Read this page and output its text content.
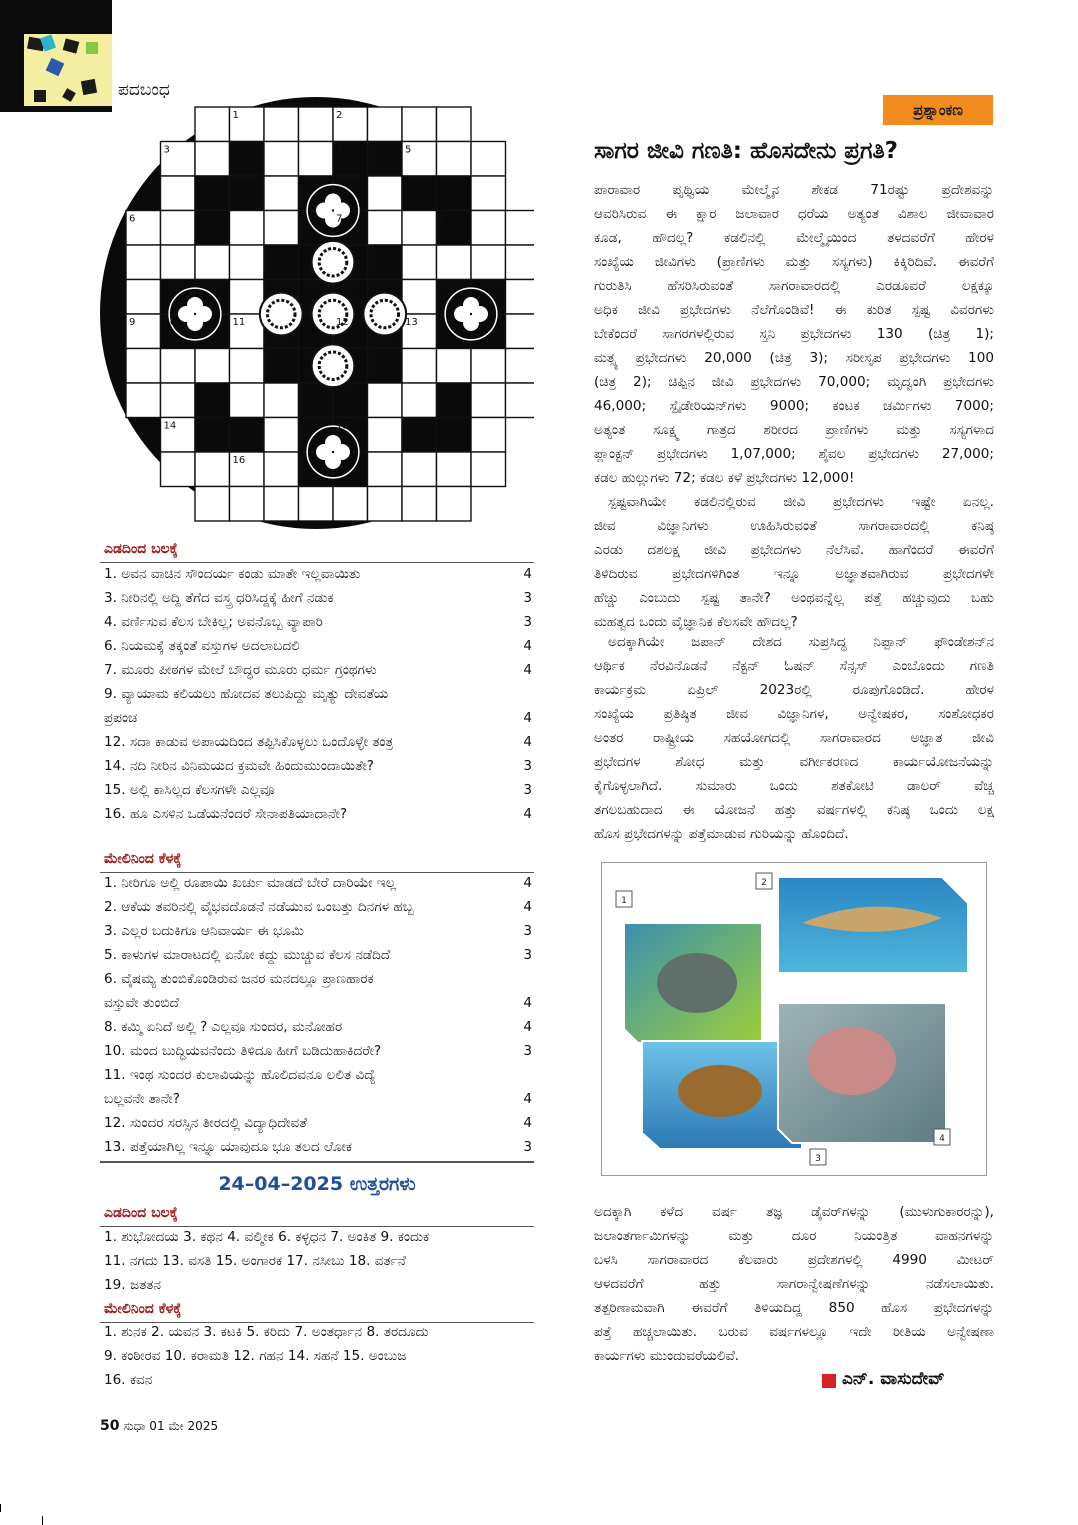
ಪದಬಂಧ
1	2
3	4	5
6	7	8
9	10	11	12	13
14	15
16
ಎಡದಿಂದ ಬಲಕ್ಕೆ
1. ಅವನ ವಾಚಿನ ಸೌಂದರ್ಯ ಕಂಡು ಮಾತೇ ಇಲ್ಲವಾಯಿತು	4
3. ನೀರಿನಲ್ಲಿ ಅದ್ದಿ ತೆಗೆದ ವಸ್ತ್ರ ಧರಿಸಿದ್ದಕ್ಕೆ ಹೀಗೆ ನಡುಕ	3
4. ವರ್ಣಿಸುವ ಕೆಲಸ ಬೇಕಿಲ್ಲ; ಅವನೊಬ್ಬ ವ್ಯಾಪಾರಿ	3
6. ನಿಯಮಕ್ಕೆ ತಕ್ಕಂತೆ ವಸ್ತುಗಳ ಅದಲಾಬದಲಿ	4
7. ಮೂರು ಪೀಠಗಳ ಮೇಲೆ ಬೌದ್ಧರ ಮೂರು ಧರ್ಮ ಗ್ರಂಥಗಳು	4
9. ವ್ಯಾಯಾಮ ಕಲಿಯಲು ಹೋದವ ತಲುಪಿದ್ದು ಮೃತ್ಯು ದೇವತೆಯ
ಪ್ರಪಂಚ	4
12. ಸದಾ ಕಾಡುವ ಅಪಾಯದಿಂದ ತಪ್ಪಿಸಿಕೊಳ್ಳಲು ಒಂದೊಳ್ಳೇ ತಂತ್ರ	4
14. ನದಿ ನೀರಿನ ವಿನಿಮಯದ ಕ್ರಮವೇ ಹಿಂದುಮುಂದಾಯಿತೇ?	3
15. ಅಲ್ಲಿ ಕಾಸಿಲ್ಲದ ಕೆಲಸಗಳೇ ಎಲ್ಲವೂ	3
16. ಹೂ ಎಸಳಿನ ಒಡೆಯನೆಂದರೆ ಸೇನಾಪತಿಯಾದಾನೇ?	4
ಮೇಲಿನಿಂದ ಕೆಳಕ್ಕೆ
1. ನೀರಿಗೂ ಅಲ್ಲಿ ರೂಪಾಯಿ ಖರ್ಚು ಮಾಡದೆ ಬೇರೆ ದಾರಿಯೇ ಇಲ್ಲ	4
2. ಆಕೆಯ ತವರಿನಲ್ಲಿ ವೈಭವದೊಡನೆ ನಡೆಯುವ ಒಂಬತ್ತು ದಿನಗಳ ಹಬ್ಬ	4
3. ಎಲ್ಲರ ಬದುಕಿಗೂ ಆನಿವಾರ್ಯ ಈ ಭೂಮಿ	3
5. ಕಾಳುಗಳ ಮಾರಾಟದಲ್ಲಿ ಏನೋ ಕದ್ದು ಮುಚ್ಚುವ ಕೆಲಸ ನಡೆದಿದೆ	3
6. ವೈಷಮ್ಯ ತುಂಬಿಕೊಂಡಿರುವ ಜನರ ಮನದಲ್ಲೂ ಪ್ರಾಣಹಾರಕ
ವಸ್ತುವೇ ತುಂಬಿದೆ	4
8. ಕಮ್ಮಿ ಏನಿದೆ ಅಲ್ಲಿ ? ಎಲ್ಲವೂ ಸುಂದರ, ಮನೋಹರ	4
10. ಮಂದ ಬುದ್ಧಿಯವನೆಂದು ತಿಳಿದೂ ಹೀಗೆ ಬಡಿದುಹಾಕಿದರೇ?	3
11. ಇಂಥ ಸುಂದರ ಕುಲಾವಿಯನ್ನು ಹೊಲಿದವನೂ ಲಲಿತ ವಿದ್ಯೆ
ಬಲ್ಲವನೇ ತಾನೇ?	4
12. ಸುಂದರ ಸರಸ್ಸಿನ ತೀರದಲ್ಲಿ ವಿದ್ಯಾಧಿದೇವತೆ	4
13. ಪತ್ತೆಯಾಗಿಲ್ಲ ಇನ್ನೂ ಯಾವುದೂ ಭೂ ತಲದ ಲೋಕ	3
24–04–2025 ಉತ್ತರಗಳು
ಎಡದಿಂದ ಬಲಕ್ಕೆ
1. ಶುಭೋದಯ 3. ಕಥನ 4. ವಲ್ಮೀಕ 6. ಕಳ್ಳಧನ 7. ಅಂಕಿತ 9. ಕಂದುಕ
11. ನಗದು 13. ವಸತಿ 15. ಅಂಗಾರಕ 17. ನಸೀಬು 18. ವರ್ತನೆ
19. ಜತತನ
ಮೇಲಿನಿಂದ ಕೆಳಕ್ಕೆ
1. ಶುನಕ 2. ಯವನ 3. ಕಟಕಿ 5. ಕರಿದು 7. ಅಂತರ್ಧಾನ 8. ತರದೂದು
9. ಕಂಠೀರವ 10. ಕರಾಮತಿ 12. ಗಹನ 14. ಸಹನೆ 15. ಅಂಬುಜ
16. ಕವನ
ಪ್ರಶ್ನಾಂಕಣ
ಸಾಗರ ಜೀವಿ ಗಣತಿ: ಹೊಸದೇನು ಪ್ರಗತಿ?
ಪಾರಾವಾರ ಪೃಥ್ವಿಯ ಮೇಲ್ಮೈನ ಶೇಕಡ 71ರಷ್ಟು ಪ್ರದೇಶವನ್ನು
ಆವರಿಸಿರುವ ಈ ಕ್ಷಾರ ಜಲಾವಾರ ಧರೆಯ ಅತ್ಯಂತ ವಿಶಾಲ ಜೀವಾವಾರ
ಕೂಡ, ಹೌದಲ್ಲ? ಕಡಲಿನಲ್ಲಿ ಮೇಲ್ಮೈಯಿಂದ ತಳದವರೆಗೆ ಹೇರಳ
ಸಂಖ್ಯೆಯ ಜೀವಿಗಳು (ಪ್ರಾಣಿಗಳು ಮತ್ತು ಸಸ್ಯಗಳು) ಕಿಕ್ಕಿರಿದಿವೆ. ಈವರೆಗೆ
ಗುರುತಿಸಿ ಹೆಸರಿಸಿರುವಂತೆ ಸಾಗರಾವಾರದಲ್ಲಿ ಎರಡೂವರೆ ಲಕ್ಷಕ್ಕೂ
ಅಧಿಕ ಜೀವಿ ಪ್ರಭೇದಗಳು ನೆಲೆಗೊಂಡಿವೆ! ಈ ಕುರಿತ ಸ್ಪಷ್ಟ ವಿವರಗಳು
ಬೇಕೆಂದರೆ ಸಾಗರಗಳಲ್ಲಿರುವ ಸ್ತನಿ ಪ್ರಭೇದಗಳು 130 (ಚಿತ್ರ 1);
ಮತ್ಸ್ಯ ಪ್ರಭೇದಗಳು 20,000 (ಚಿತ್ರ 3); ಸರೀಸೃಪ ಪ್ರಭೇದಗಳು 100
(ಚಿತ್ರ 2); ಚಿಪ್ಪಿನ ಜೀವಿ ಪ್ರಭೇದಗಳು 70,000; ಮೃದ್ವಂಗಿ ಪ್ರಭೇದಗಳು
46,000; ಸ್ಪೈಡೇರಿಯನ್‌ಗಳು 9000; ಕಂಟಕ ಚರ್ಮಿಗಳು 7000;
ಅತ್ಯಂತ ಸೂಕ್ಷ್ಮ ಗಾತ್ರದ ಶರೀರದ ಪ್ರಾಣಿಗಳು ಮತ್ತು ಸಸ್ಯಗಳಾದ
ಪ್ಲಾಂಕ್ಟನ್ ಪ್ರಭೇದಗಳು 1,07,000; ಶೈವಲ ಪ್ರಭೇದಗಳು 27,000;
ಕಡಲ ಹುಲ್ಲುಗಳು 72; ಕಡಲ ಕಳೆ ಪ್ರಭೇದಗಳು 12,000!
ಸ್ಪಷ್ಟವಾಗಿಯೇ ಕಡಲಿನಲ್ಲಿರುವ ಜೀವಿ ಪ್ರಭೇದಗಳು ಇಷ್ಟೇ ಏನಲ್ಲ.
ಜೀವ ವಿಜ್ಞಾನಿಗಳು ಊಹಿಸಿರುವಂತೆ ಸಾಗರಾವಾರದಲ್ಲಿ ಕನಿಷ್ಠ
ಎರಡು ದಶಲಕ್ಷ ಜೀವಿ ಪ್ರಭೇದಗಳು ನೆಲೆಸಿವೆ. ಹಾಗೆಂದರೆ ಈವರೆಗೆ
ತಿಳಿದಿರುವ ಪ್ರಭೇದಗಳಿಗಿಂತ ಇನ್ನೂ ಅಜ್ಞಾತವಾಗಿರುವ ಪ್ರಭೇದಗಳೇ
ಹೆಚ್ಚು ಎಂಬುದು ಸ್ಪಷ್ಟ ತಾನೇ? ಅಂಥವನ್ನೆಲ್ಲ ಪತ್ತೆ ಹಚ್ಚುವುದು ಬಹು
ಮಹತ್ವದ ಒಂದು ವೈಜ್ಞಾನಿಕ ಕೆಲಸವೇ ಹೌದಲ್ಲ?
ಅದಕ್ಕಾಗಿಯೇ ಜಪಾನ್ ದೇಶದ ಸುಪ್ರಸಿದ್ಧ ನಿಪ್ಪಾನ್ ಫೌಂಡೇಶನ್‌ನ
ಆರ್ಥಿಕ ನೆರವಿನೊಡನೆ ನೆಕ್ಟನ್ ಓಷನ್ ಸೆನ್ಸಸ್ ಎಂಬೊಂದು ಗಣತಿ
ಕಾರ್ಯಕ್ರಮ ಏಪ್ರಿಲ್ 2023ರಲ್ಲಿ ರೂಪುಗೊಂಡಿದೆ. ಹೇರಳ
ಸಂಖ್ಯೆಯ ಪ್ರತಿಷ್ಠಿತ ಜೀವ ವಿಜ್ಞಾನಿಗಳ, ಅನ್ವೇಷಕರ, ಸಂಶೋಧಕರ
ಅಂತರ ರಾಷ್ಟ್ರೀಯ ಸಹಯೋಗದಲ್ಲಿ ಸಾಗರಾವಾರದ ಅಜ್ಞಾತ ಜೀವಿ
ಪ್ರಭೇದಗಳ ಶೋಧ ಮತ್ತು ವರ್ಗೀಕರಣದ ಕಾರ್ಯಯೋಜನೆಯನ್ನು
ಕೈಗೊಳ್ಳಲಾಗಿದೆ. ಸುಮಾರು ಒಂದು ಶತಕೋಟಿ ಡಾಲರ್ ವೆಚ್ಚ
ತಗಲಬಹುದಾದ ಈ ಯೋಜನೆ ಹತ್ತು ವರ್ಷಗಳಲ್ಲಿ ಕನಿಷ್ಠ ಒಂದು ಲಕ್ಷ
ಹೊಸ ಪ್ರಭೇದಗಳನ್ನು ಪತ್ತೆಮಾಡುವ ಗುರಿಯನ್ನು ಹೊಂದಿದೆ.
ಅದಕ್ಕಾಗಿ ಕಳೆದ ವರ್ಷ ತಜ್ಞ ಡೈವರ್‌ಗಳನ್ನು (ಮುಳುಗುಕಾರರನ್ನು),
ಜಲಾಂತರ್ಗಾಮಿಗಳನ್ನು ಮತ್ತು ದೂರ ನಿಯಂತ್ರಿತ ವಾಹನಗಳನ್ನು
ಬಳಸಿ ಸಾಗರಾವಾರದ ಕೆಲವಾರು ಪ್ರದೇಶಗಳಲ್ಲಿ 4990 ಮೀಟರ್
ಆಳದವರೆಗೆ ಹತ್ತು ಸಾಗರಾನ್ವೇಷಣೆಗಳನ್ನು ನಡೆಸಲಾಯಿತು.
ತತ್ಪರಿಣಾಮವಾಗಿ ಈವರೆಗೆ ತಿಳಿಯದಿದ್ದ 850 ಹೊಸ ಪ್ರಭೇದಗಳನ್ನು
ಪತ್ತೆ ಹಚ್ಚಲಾಯಿತು. ಬರುವ ವರ್ಷಗಳಲ್ಲೂ ಇದೇ ರೀತಿಯ ಅನ್ವೇಷಣಾ
ಕಾರ್ಯಗಳು ಮುಂದುವರೆಯಲಿವೆ.
1
2
3
4
ಎನ್. ವಾಸುದೇವ್
50 ಸುಧಾ 01 ಮೇ 2025
